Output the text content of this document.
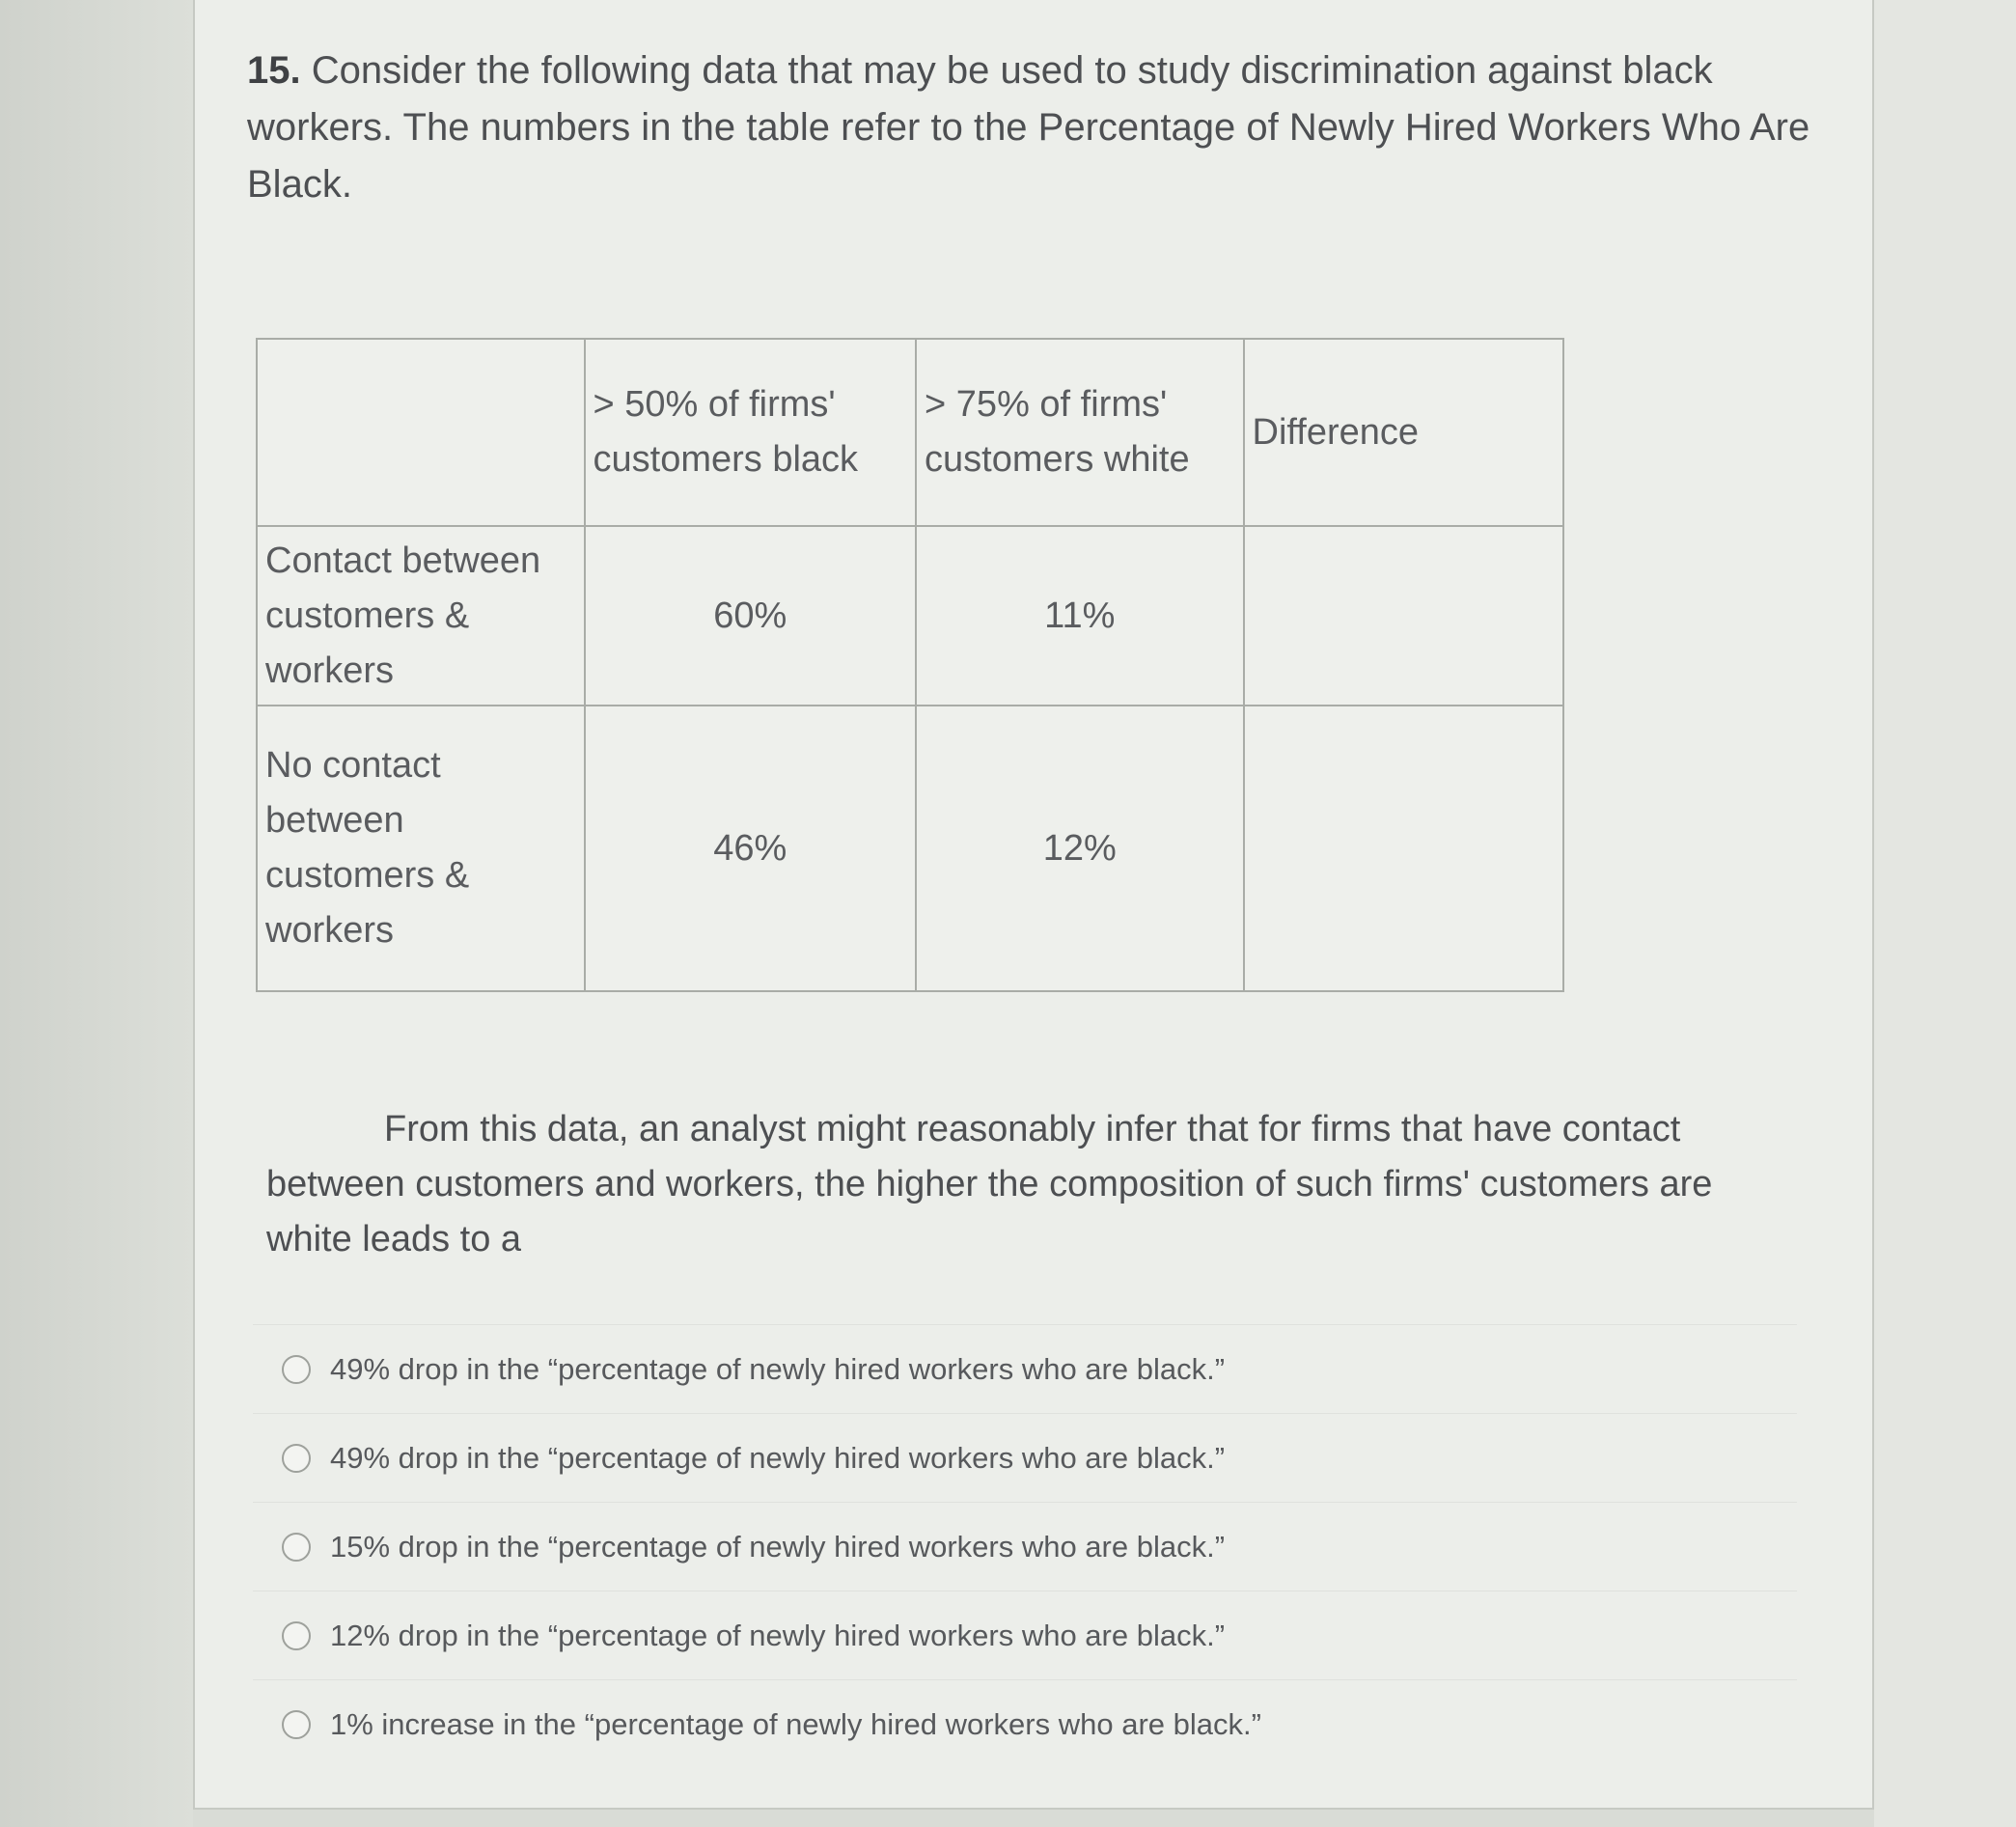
15. Consider the following data that may be used to study discrimination against black workers. The numbers in the table refer to the Percentage of Newly Hired Workers Who Are Black.

	> 50% of firms' customers black	> 75% of firms' customers white	Difference
Contact between customers & workers	60%	11%	
No contact between customers & workers	46%	12%	

From this data, an analyst might reasonably infer that for firms that have contact between customers and workers, the higher the composition of such firms' customers are white leads to a

49% drop in the “percentage of newly hired workers who are black.”
49% drop in the “percentage of newly hired workers who are black.”
15% drop in the “percentage of newly hired workers who are black.”
12% drop in the “percentage of newly hired workers who are black.”
1% increase in the “percentage of newly hired workers who are black.”
